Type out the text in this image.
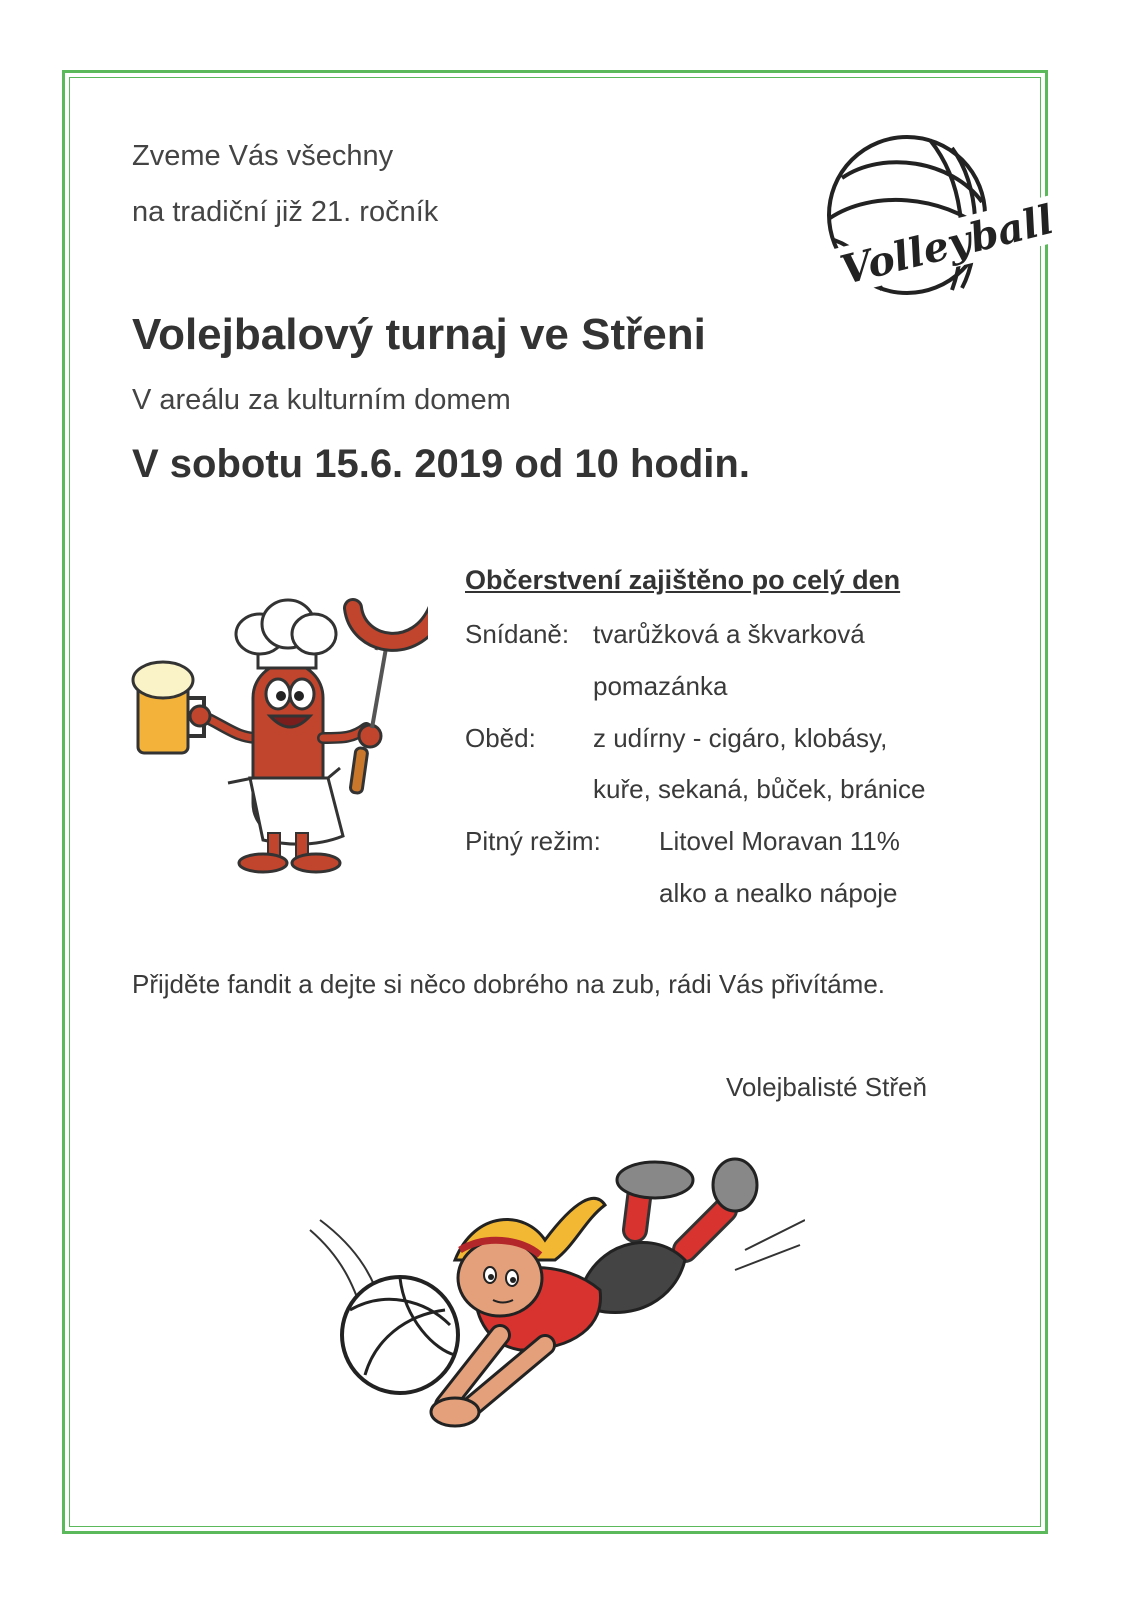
Zveme Vás všechny
na tradiční již 21. ročník
Volejbalový turnaj ve Střeni
V areálu za kulturním domem
V sobotu 15.6. 2019 od 10 hodin.
Volleyball
Občerstvení zajištěno po celý den
Snídaně: tvarůžková a škvarková
pomazánka
Oběd: z udírny - cigáro, klobásy,
kuře, sekaná, bůček, bránice
Pitný režim: Litovel Moravan 11%
alko a nealko nápoje
Přijděte fandit a dejte si něco dobrého na zub, rádi Vás přivítáme.
Volejbalisté Střeň
